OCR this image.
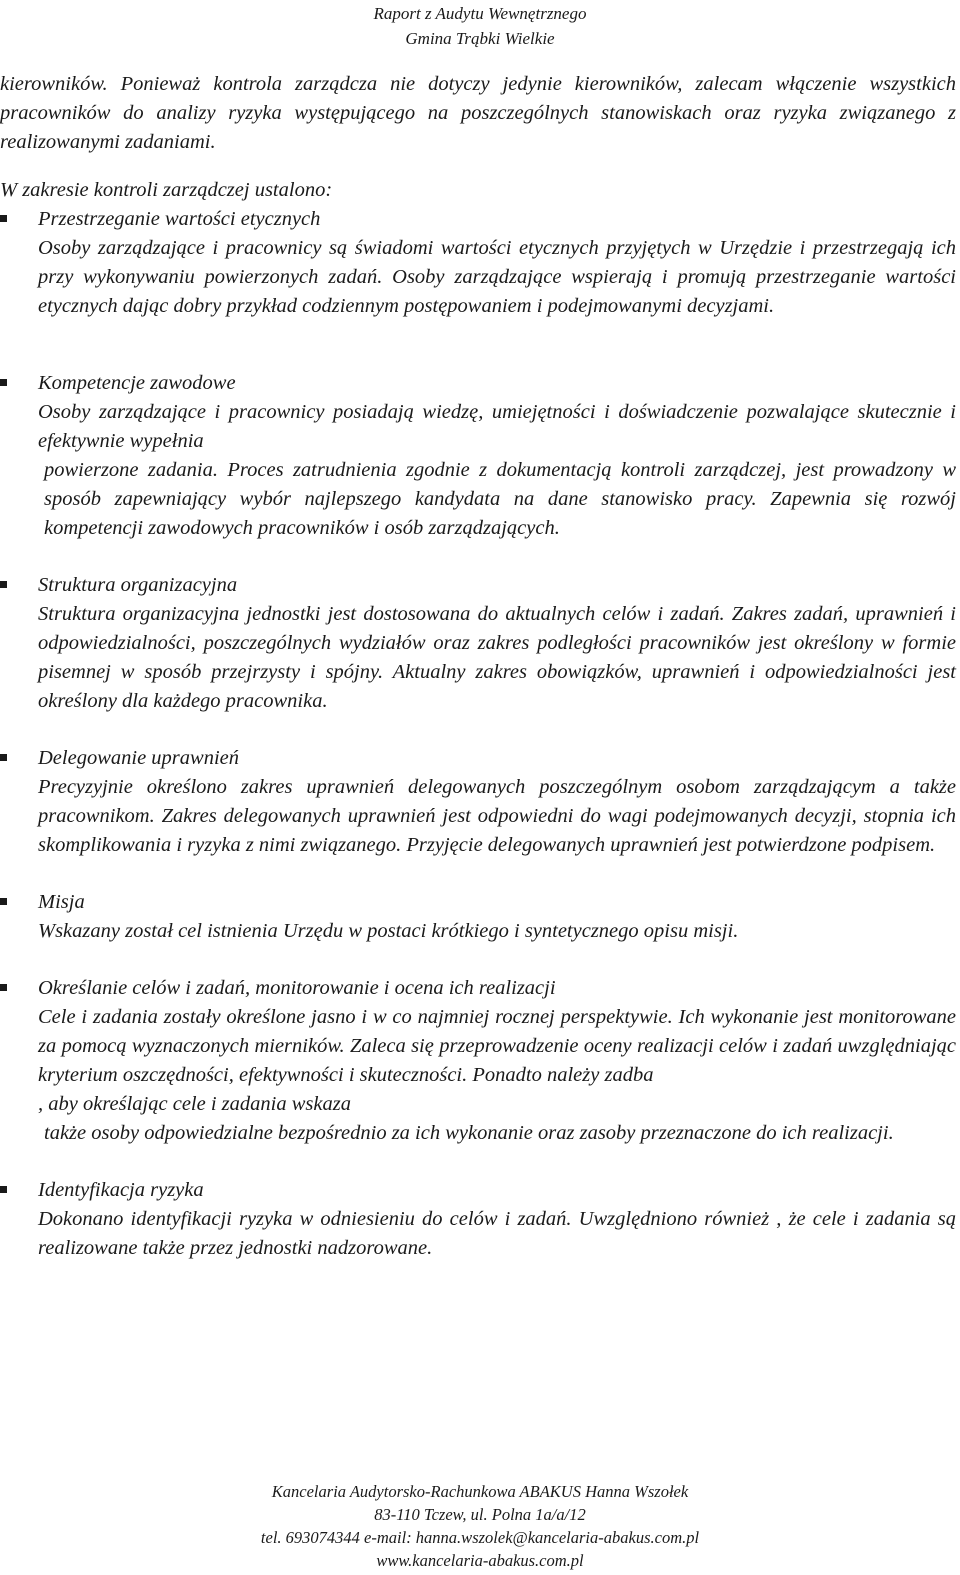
Raport z Audytu Wewnętrznego
Gmina Trąbki Wielkie

kierowników. Ponieważ kontrola zarządcza nie dotyczy jedynie kierowników, zalecam włączenie wszystkich pracowników do analizy ryzyka występującego na poszczególnych stanowiskach oraz ryzyka związanego z realizowanymi zadaniami.

W zakresie kontroli zarządczej ustalono:

Przestrzeganie wartości etycznych

Osoby zarządzające i pracownicy są świadomi wartości etycznych przyjętych w Urzędzie i przestrzegają ich przy wykonywaniu powierzonych zadań. Osoby zarządzające wspierają i promują przestrzeganie wartości etycznych dając dobry przykład codziennym postępowaniem i podejmowanymi decyzjami.

Kompetencje zawodowe

Osoby zarządzające i pracownicy posiadają wiedzę, umiejętności i doświadczenie pozwalające skutecznie i efektywnie wypełnia
powierzone zadania. Proces zatrudnienia zgodnie z dokumentacją kontroli zarządczej, jest prowadzony w sposób zapewniający wybór najlepszego kandydata na dane stanowisko pracy. Zapewnia się rozwój kompetencji zawodowych pracowników i osób zarządzających.

Struktura organizacyjna

Struktura organizacyjna jednostki jest dostosowana do aktualnych celów i zadań. Zakres zadań, uprawnień i odpowiedzialności, poszczególnych wydziałów oraz zakres podległości pracowników jest określony w formie pisemnej w sposób przejrzysty i spójny. Aktualny zakres obowiązków, uprawnień i odpowiedzialności jest określony dla każdego pracownika.

Delegowanie uprawnień

Precyzyjnie określono zakres uprawnień delegowanych poszczególnym osobom zarządzającym a także pracownikom. Zakres delegowanych uprawnień jest odpowiedni do wagi podejmowanych decyzji, stopnia ich skomplikowania i ryzyka z nimi związanego. Przyjęcie delegowanych uprawnień jest potwierdzone podpisem.

Misja

Wskazany został cel istnienia Urzędu w postaci krótkiego i syntetycznego opisu misji.

Określanie celów i zadań, monitorowanie i ocena ich realizacji

Cele i zadania zostały określone jasno i w co najmniej rocznej perspektywie. Ich wykonanie jest monitorowane za pomocą wyznaczonych mierników. Zaleca się przeprowadzenie oceny realizacji celów i zadań uwzględniając kryterium oszczędności, efektywności i skuteczności. Ponadto należy zadba
, aby określając cele i zadania wskaza
także osoby odpowiedzialne bezpośrednio za ich wykonanie oraz zasoby przeznaczone do ich realizacji.

Identyfikacja ryzyka

Dokonano identyfikacji ryzyka w odniesieniu do celów i zadań. Uwzględniono również , że cele i zadania są realizowane także przez jednostki nadzorowane.

Kancelaria Audytorsko-Rachunkowa ABAKUS Hanna Wszołek
83-110 Tczew, ul. Polna 1a/a/12
tel. 693074344 e-mail: hanna.wszolek@kancelaria-abakus.com.pl
www.kancelaria-abakus.com.pl
